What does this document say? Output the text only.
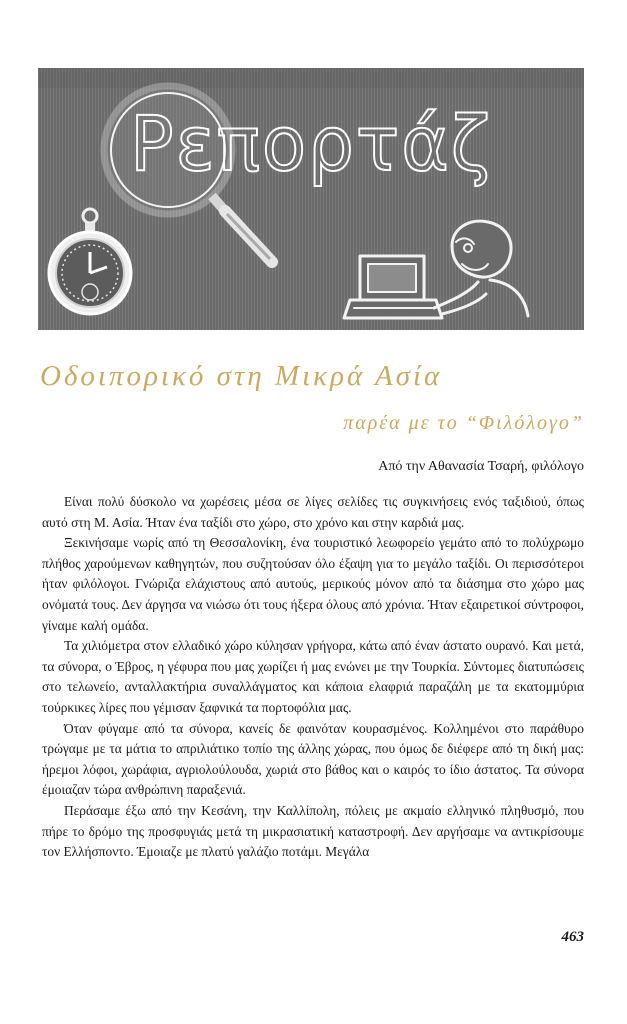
Ρεπορτάζ
Οδοιπορικό στη Μικρά Ασία
παρέα με το “Φιλόλογο”
Από την Αθανασία Τσαρή, φιλόλογο

Είναι πολύ δύσκολο να χωρέσεις μέσα σε λίγες σελίδες τις συγκινήσεις ενός ταξιδιού, όπως αυτό στη Μ. Ασία. Ήταν ένα ταξίδι στο χώρο, στο χρόνο και στην καρδιά μας.

Ξεκινήσαμε νωρίς από τη Θεσσαλονίκη, ένα τουριστικό λεωφορείο γεμάτο από το πολύχρωμο πλήθος χαρούμενων καθηγητών, που συζητούσαν όλο έξαψη για το μεγάλο ταξίδι. Οι περισσότεροι ήταν φιλόλογοι. Γνώριζα ελάχιστους από αυτούς, μερικούς μόνον από τα διάσημα στο χώρο μας ονόματά τους. Δεν άργησα να νιώσω ότι τους ήξερα όλους από χρόνια. Ήταν εξαιρετικοί σύντροφοι, γίναμε καλή ομάδα.

Τα χιλιόμετρα στον ελλαδικό χώρο κύλησαν γρήγορα, κάτω από έναν άστατο ουρανό. Και μετά, τα σύνορα, ο Έβρος, η γέφυρα που μας χωρίζει ή μας ενώνει με την Τουρκία. Σύντομες διατυπώσεις στο τελωνείο, ανταλλακτήρια συναλλάγματος και κάποια ελαφριά παραζάλη με τα εκατομμύρια τούρκικες λίρες που γέμισαν ξαφνικά τα πορτοφόλια μας.

Όταν φύγαμε από τα σύνορα, κανείς δε φαινόταν κουρασμένος. Κολλημένοι στο παράθυρο τρώγαμε με τα μάτια το απριλιάτικο τοπίο της άλλης χώρας, που όμως δε διέφερε από τη δική μας: ήρεμοι λόφοι, χωράφια, αγριολούλουδα, χωριά στο βάθος και ο καιρός το ίδιο άστατος. Τα σύνορα έμοιαζαν τώρα ανθρώπινη παραξενιά.

Περάσαμε έξω από την Κεσάνη, την Καλλίπολη, πόλεις με ακμαίο ελληνικό πληθυσμό, που πήρε το δρόμο της προσφυγιάς μετά τη μικρασιατική καταστροφή. Δεν αργήσαμε να αντικρίσουμε τον Ελλήσποντο. Έμοιαζε με πλατύ γαλάζιο ποτάμι. Μεγάλα

463
